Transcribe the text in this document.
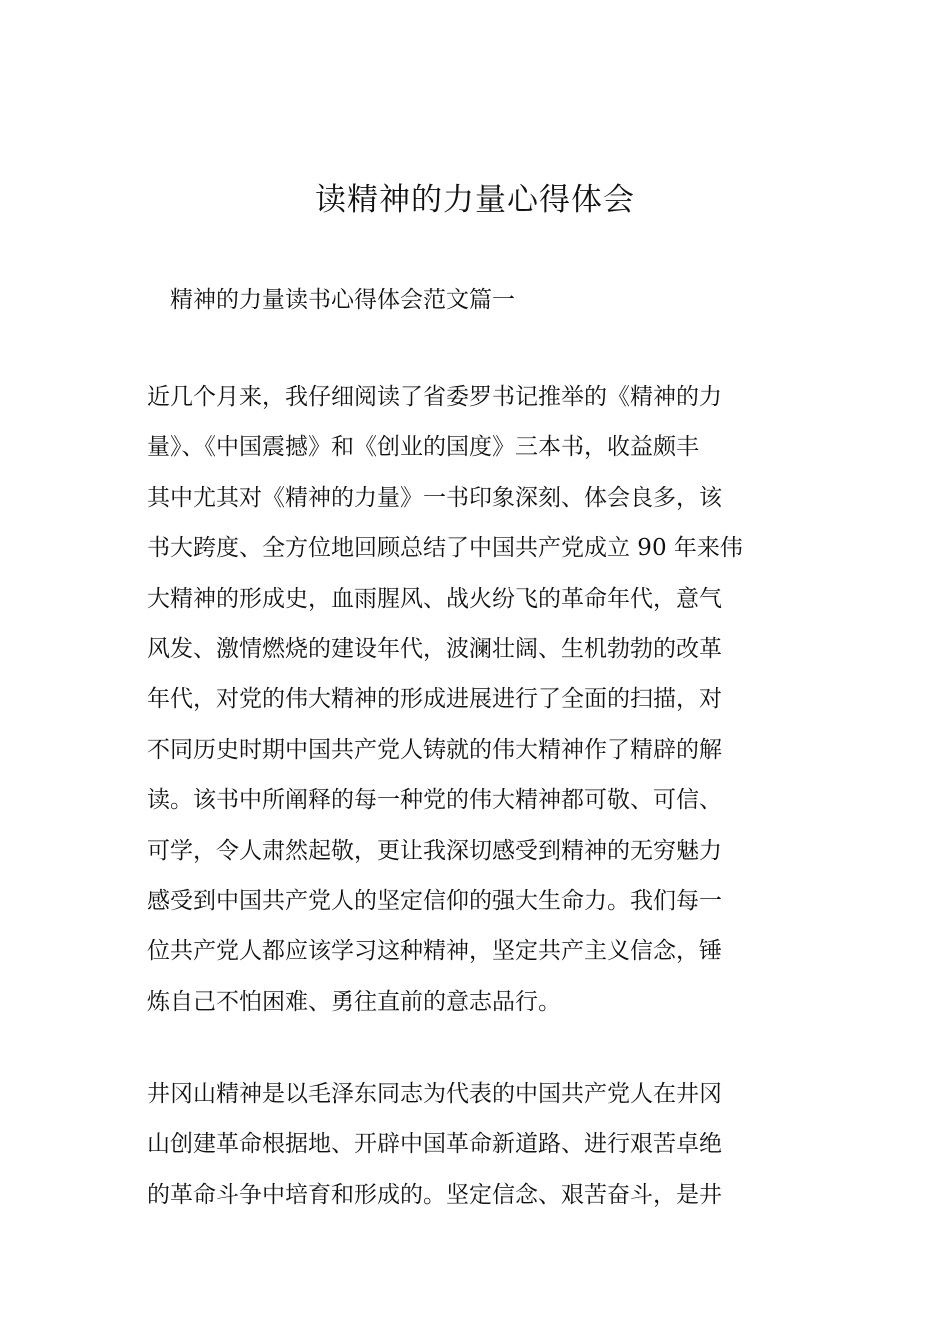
读精神的力量心得体会

精神的力量读书心得体会范文篇一

近几个月来，我仔细阅读了省委罗书记推举的《精神的力
量》、《中国震撼》和《创业的国度》三本书，收益颇丰
其中尤其对《精神的力量》一书印象深刻、体会良多，该
书大跨度、全方位地回顾总结了中国共产党成立 90 年来伟
大精神的形成史，血雨腥风、战火纷飞的革命年代，意气
风发、激情燃烧的建设年代，波澜壮阔、生机勃勃的改革
年代，对党的伟大精神的形成进展进行了全面的扫描，对
不同历史时期中国共产党人铸就的伟大精神作了精辟的解
读。该书中所阐释的每一种党的伟大精神都可敬、可信、
可学，令人肃然起敬，更让我深切感受到精神的无穷魅力
感受到中国共产党人的坚定信仰的强大生命力。我们每一
位共产党人都应该学习这种精神，坚定共产主义信念，锤
炼自己不怕困难、勇往直前的意志品行。
井冈山精神是以毛泽东同志为代表的中国共产党人在井冈
山创建革命根据地、开辟中国革命新道路、进行艰苦卓绝
的革命斗争中培育和形成的。坚定信念、艰苦奋斗，是井
